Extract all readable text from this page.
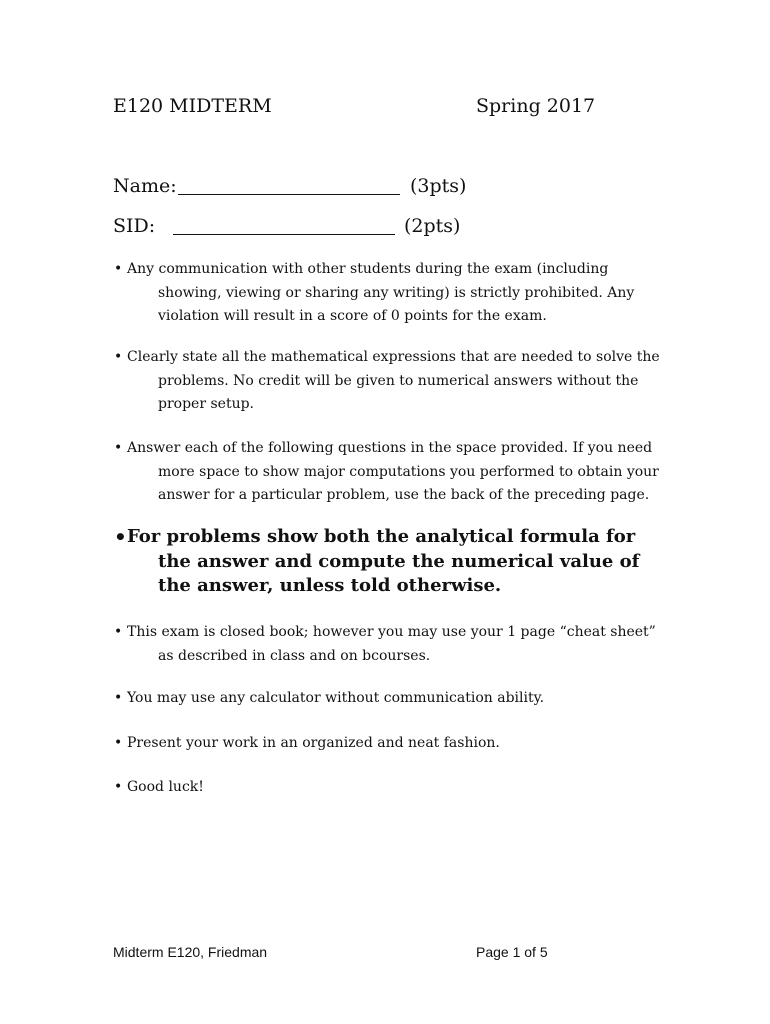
E120 MIDTERM	Spring 2017
Name:	(3pts)
SID:	(2pts)
• Any communication with other students during the exam (including showing, viewing or sharing any writing) is strictly prohibited. Any violation will result in a score of 0 points for the exam.
• Clearly state all the mathematical expressions that are needed to solve the problems. No credit will be given to numerical answers without the proper setup.
• Answer each of the following questions in the space provided. If you need more space to show major computations you performed to obtain your answer for a particular problem, use the back of the preceding page.
• For problems show both the analytical formula for the answer and compute the numerical value of the answer, unless told otherwise.
• This exam is closed book; however you may use your 1 page “cheat sheet” as described in class and on bcourses.
• You may use any calculator without communication ability.
• Present your work in an organized and neat fashion.
• Good luck!
Midterm E120, Friedman	Page 1 of 5
